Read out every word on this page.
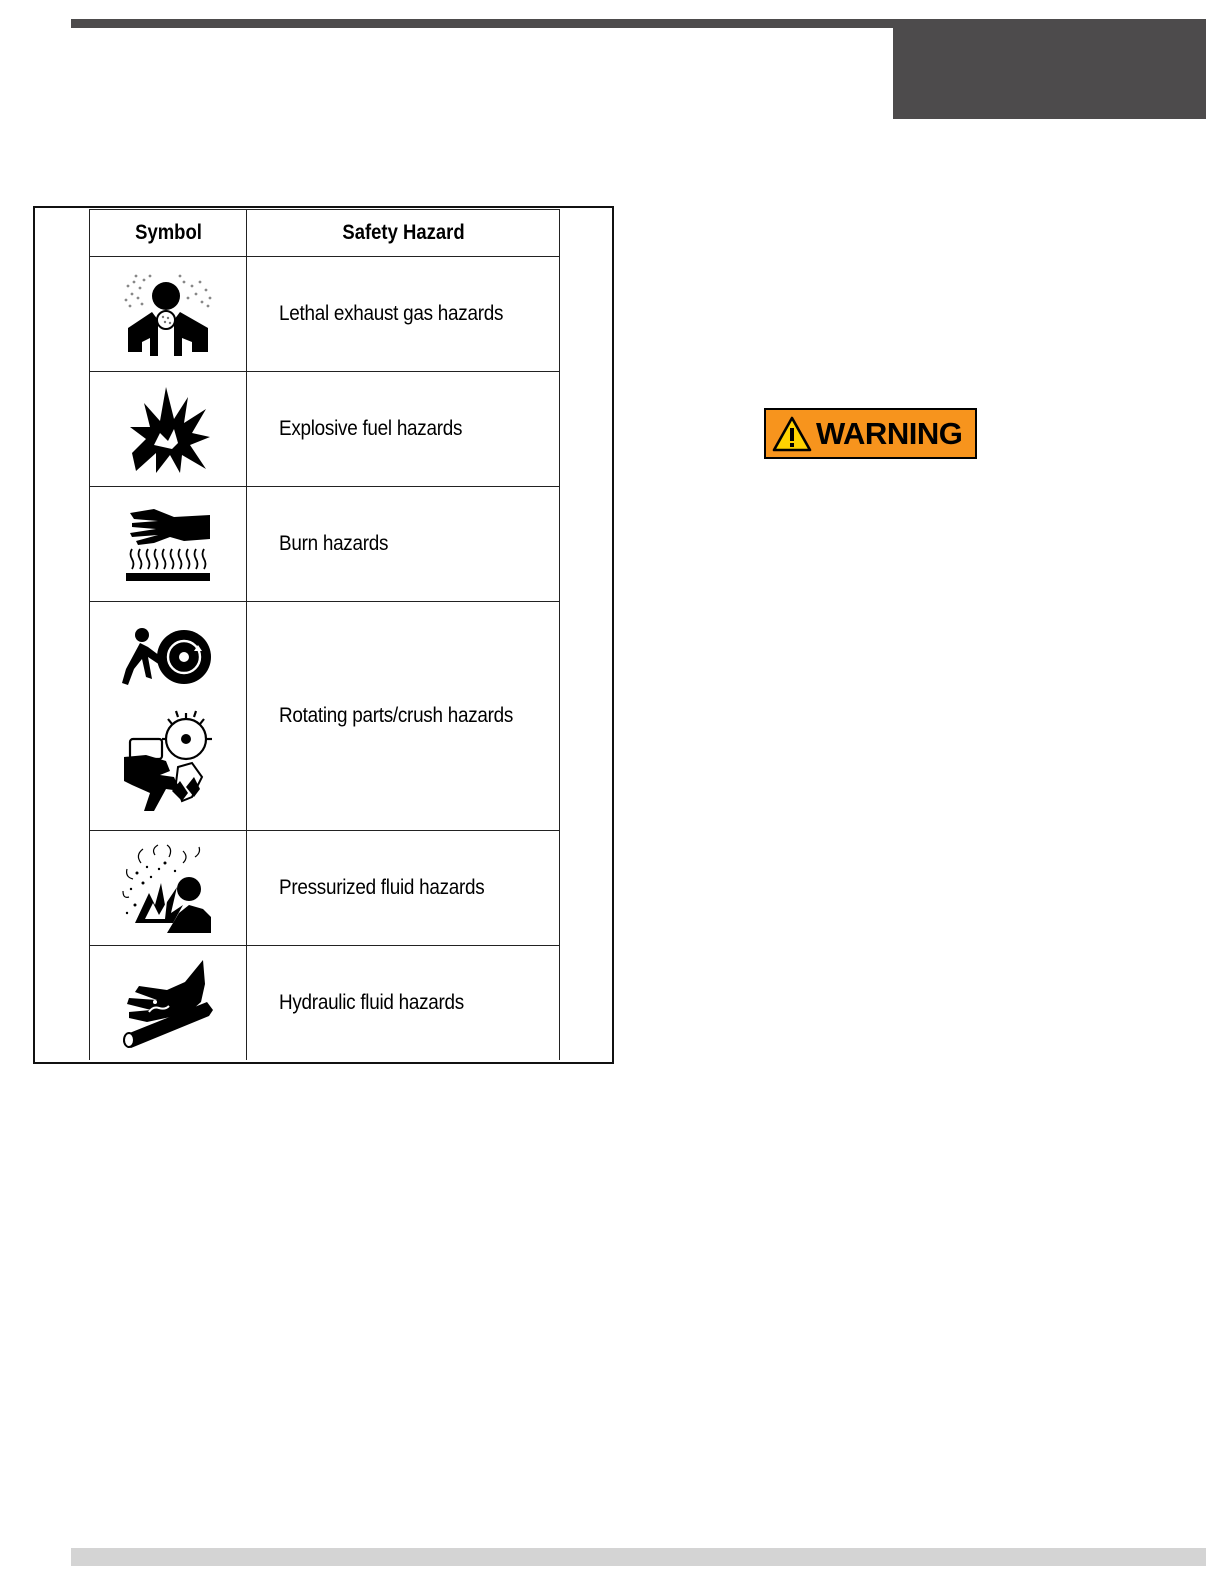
Symbol	Safety Hazard

	Lethal exhaust gas hazards

	Explosive fuel hazards

	Burn hazards

	Rotating parts/crush hazards

	Pressurized fluid hazards

	Hydraulic fluid hazards
WARNING
